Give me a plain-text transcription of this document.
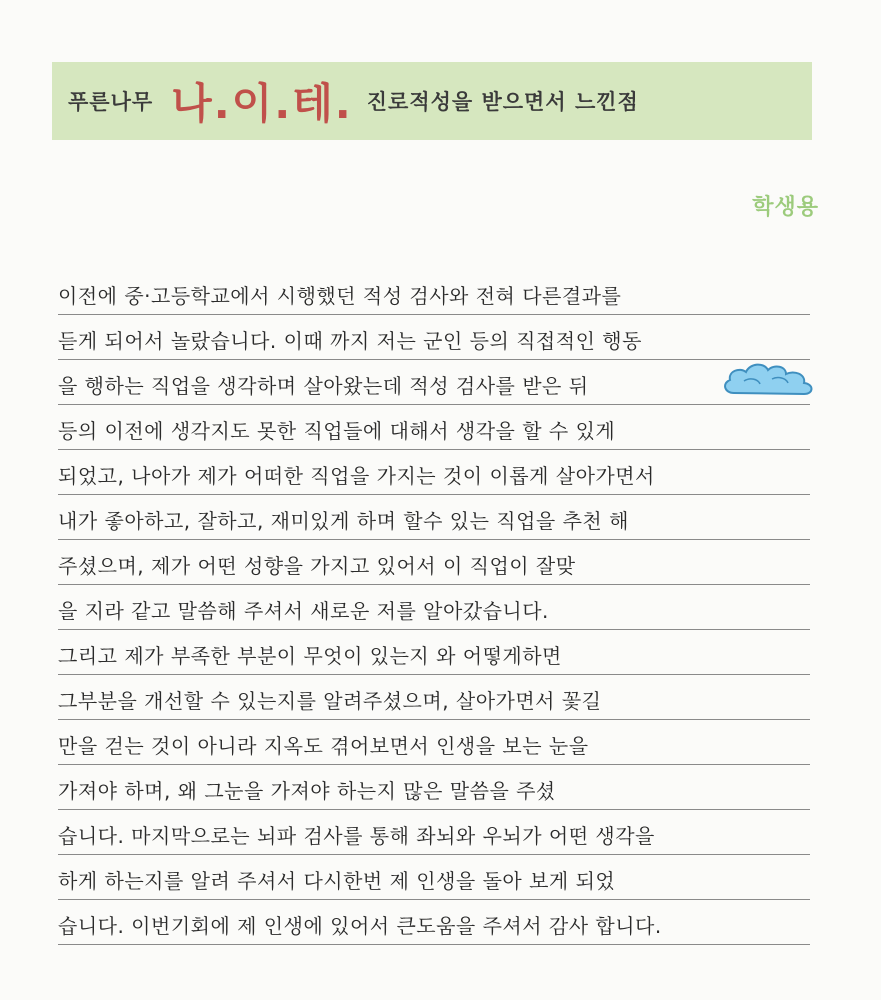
푸른나무 나.이.테. 진로적성을 받으면서 느낀점
학생용
이전에 중·고등학교에서 시행했던 적성 검사와 전혀 다른결과를
듣게 되어서 놀랐습니다. 이때 까지 저는 군인 등의 직접적인 행동
을 행하는 직업을 생각하며 살아왔는데 적성 검사를 받은 뒤
등의 이전에 생각지도 못한 직업들에 대해서 생각을 할 수 있게
되었고, 나아가 제가 어떠한 직업을 가지는 것이 이롭게 살아가면서
내가 좋아하고, 잘하고, 재미있게 하며 할수 있는 직업을 추천 해
주셨으며, 제가 어떤 성향을 가지고 있어서 이 직업이 잘맞
을 지라 같고 말씀해 주셔서 새로운 저를 알아갔습니다.
그리고 제가 부족한 부분이 무엇이 있는지 와 어떻게하면
그부분을 개선할 수 있는지를 알려주셨으며, 살아가면서 꽃길
만을 걷는 것이 아니라 지옥도 겪어보면서 인생을 보는 눈을
가져야 하며, 왜 그눈을 가져야 하는지 많은 말씀을 주셨
습니다. 마지막으로는 뇌파 검사를 통해 좌뇌와 우뇌가 어떤 생각을
하게 하는지를 알려 주셔서 다시한번 제 인생을 돌아 보게 되었
습니다. 이번기회에 제 인생에 있어서 큰도움을 주셔서 감사 합니다.
